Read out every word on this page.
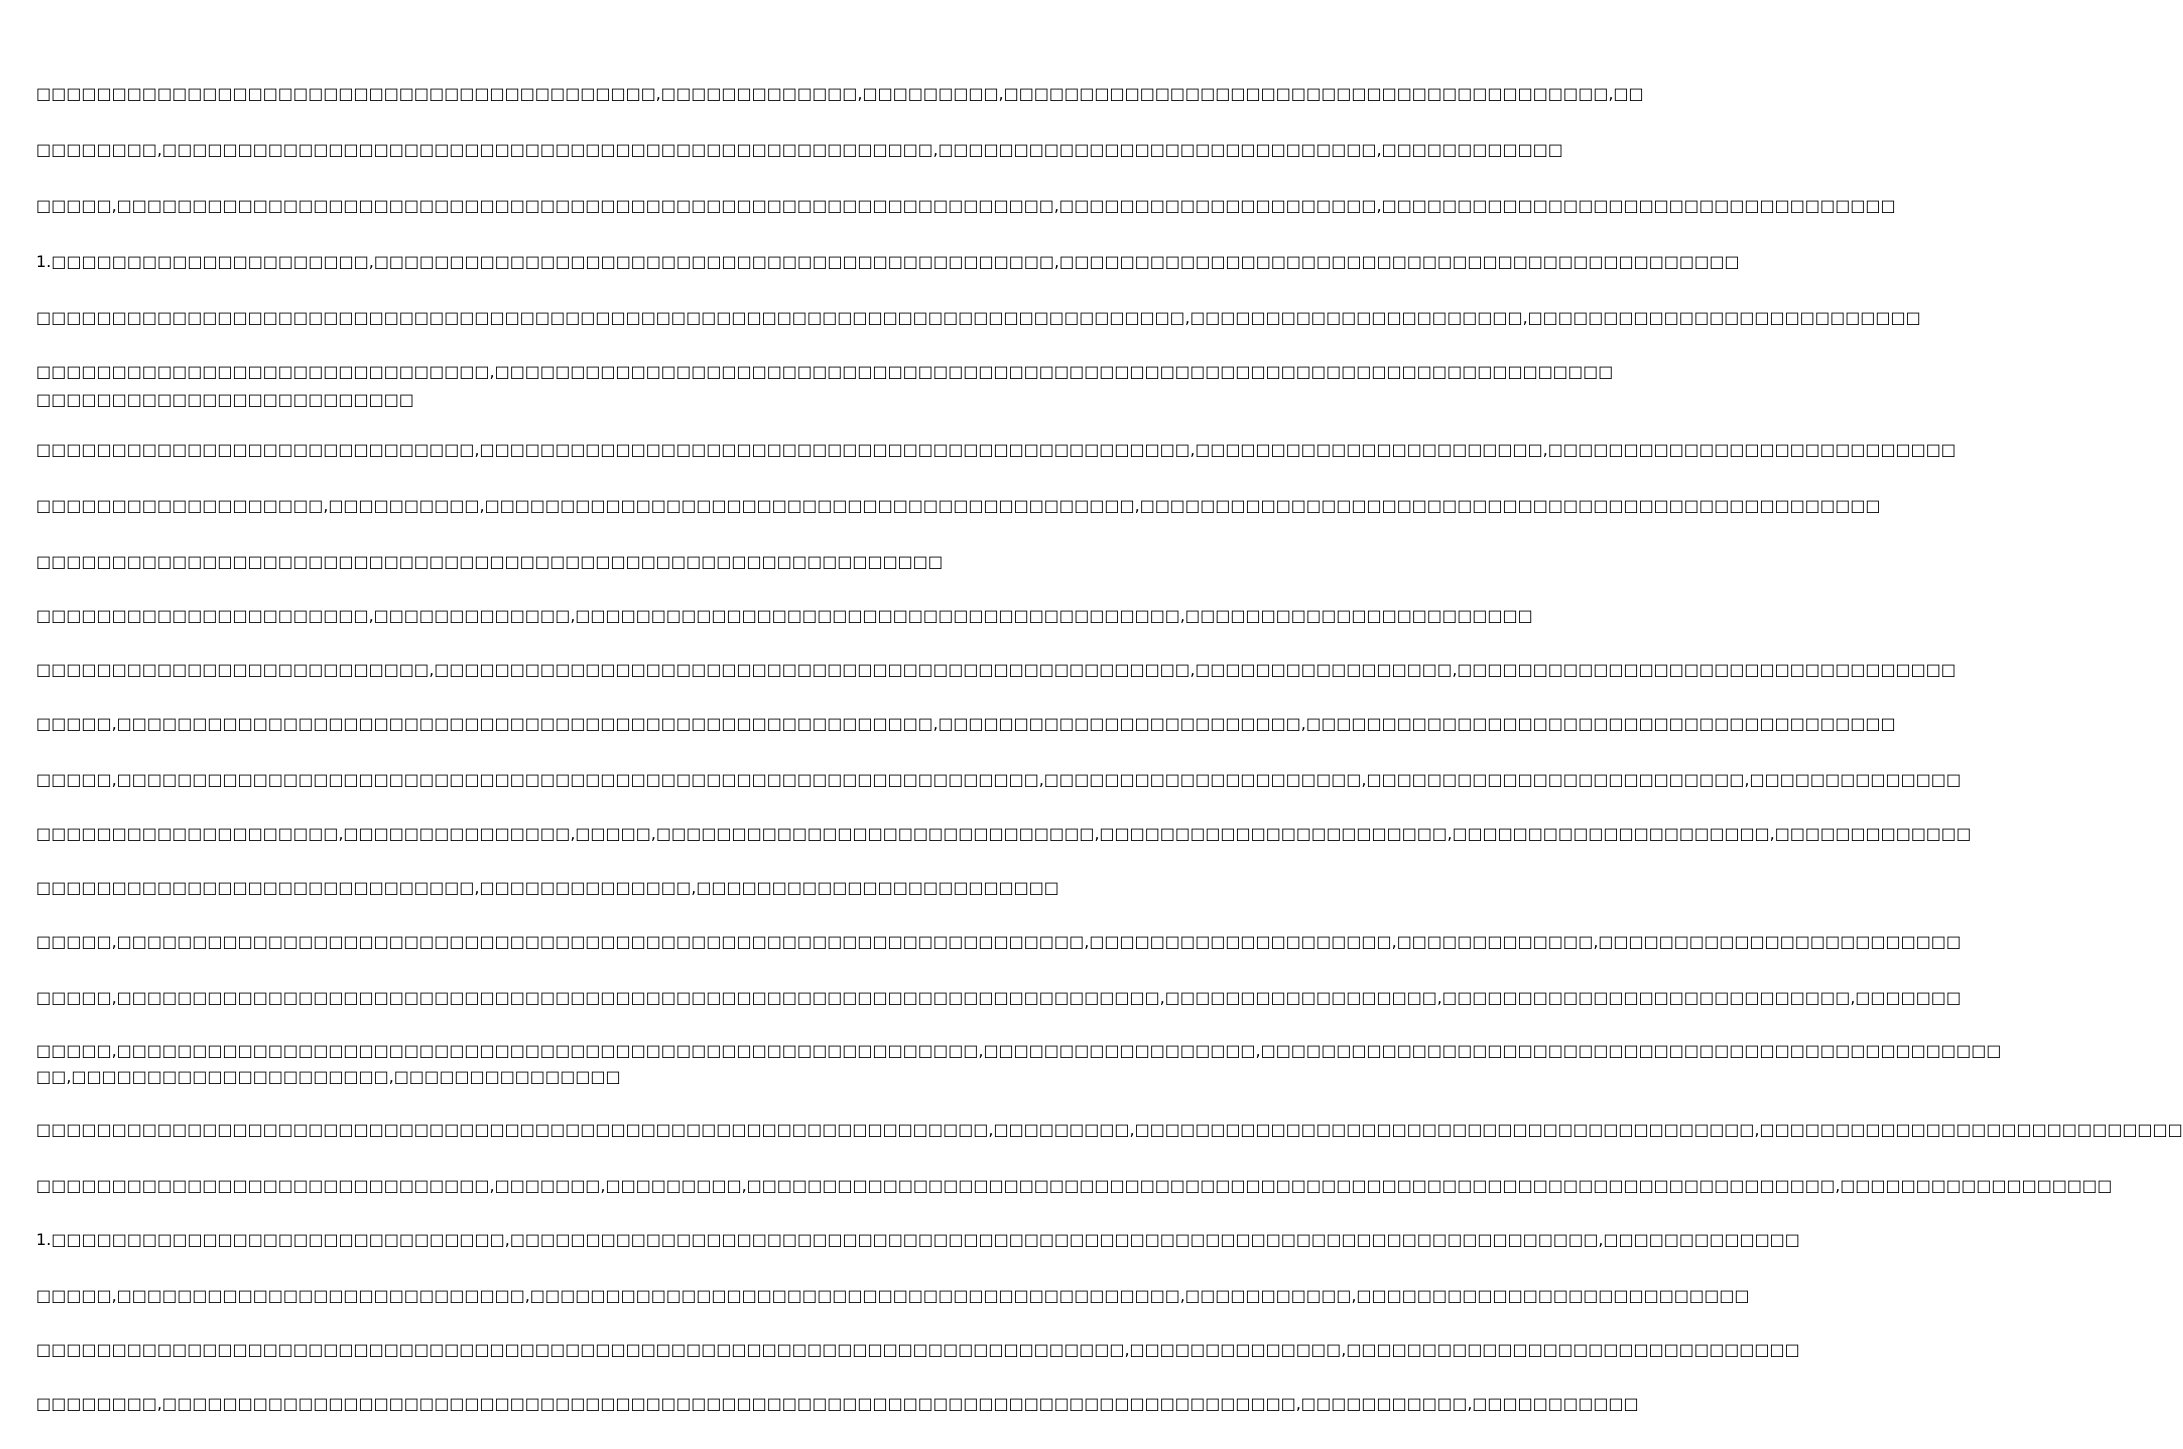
□□□□□□□□□□□□□□□□□□□□□□□□□□□□□□□□□□□□□□□□□,□□□□□□□□□□□□□,□□□□□□□□□,□□□□□□□□□□□□□□□□□□□□□□□□□□□□□□□□□□□□□□□□,□□

□□□□□□□□,□□□□□□□□□□□□□□□□□□□□□□□□□□□□□□□□□□□□□□□□□□□□□□□□□□□,□□□□□□□□□□□□□□□□□□□□□□□□□□□□□,□□□□□□□□□□□□

□□□□□,□□□□□□□□□□□□□□□□□□□□□□□□□□□□□□□□□□□□□□□□□□□□□□□□□□□□□□□□□□□□□□,□□□□□□□□□□□□□□□□□□□□□,□□□□□□□□□□□□□□□□□□□□□□□□□□□□□□□□□□

1.□□□□□□□□□□□□□□□□□□□□□,□□□□□□□□□□□□□□□□□□□□□□□□□□□□□□□□□□□□□□□□□□□□□,□□□□□□□□□□□□□□□□□□□□□□□□□□□□□□□□□□□□□□□□□□□□□

□□□□□□□□□□□□□□□□□□□□□□□□□□□□□□□□□□□□□□□□□□□□□□□□□□□□□□□□□□□□□□□□□□□□□□□□□□□□,□□□□□□□□□□□□□□□□□□□□□□,□□□□□□□□□□□□□□□□□□□□□□□□□□

□□□□□□□□□□□□□□□□□□□□□□□□□□□□□□,□□□□□□□□□□□□□□□□□□□□□□□□□□□□□□□□□□□□□□□□□□□□□□□□□□□□□□□□□□□□□□□□□□□□□□□□□□
□□□□□□□□□□□□□□□□□□□□□□□□□

□□□□□□□□□□□□□□□□□□□□□□□□□□□□□,□□□□□□□□□□□□□□□□□□□□□□□□□□□□□□□□□□□□□□□□□□□□□□□,□□□□□□□□□□□□□□□□□□□□□□□,□□□□□□□□□□□□□□□□□□□□□□□□□□□

□□□□□□□□□□□□□□□□□□□,□□□□□□□□□□,□□□□□□□□□□□□□□□□□□□□□□□□□□□□□□□□□□□□□□□□□□□,□□□□□□□□□□□□□□□□□□□□□□□□□□□□□□□□□□□□□□□□□□□□□□□□□

□□□□□□□□□□□□□□□□□□□□□□□□□□□□□□□□□□□□□□□□□□□□□□□□□□□□□□□□□□□□

□□□□□□□□□□□□□□□□□□□□□□,□□□□□□□□□□□□□,□□□□□□□□□□□□□□□□□□□□□□□□□□□□□□□□□□□□□□□□,□□□□□□□□□□□□□□□□□□□□□□□

□□□□□□□□□□□□□□□□□□□□□□□□□□,□□□□□□□□□□□□□□□□□□□□□□□□□□□□□□□□□□□□□□□□□□□□□□□□□□,□□□□□□□□□□□□□□□□□,□□□□□□□□□□□□□□□□□□□□□□□□□□□□□□□□□

□□□□□,□□□□□□□□□□□□□□□□□□□□□□□□□□□□□□□□□□□□□□□□□□□□□□□□□□□□□□,□□□□□□□□□□□□□□□□□□□□□□□□,□□□□□□□□□□□□□□□□□□□□□□□□□□□□□□□□□□□□□□□

□□□□□,□□□□□□□□□□□□□□□□□□□□□□□□□□□□□□□□□□□□□□□□□□□□□□□□□□□□□□□□□□□□□,□□□□□□□□□□□□□□□□□□□□□,□□□□□□□□□□□□□□□□□□□□□□□□□,□□□□□□□□□□□□□□

□□□□□□□□□□□□□□□□□□□□,□□□□□□□□□□□□□□□,□□□□□,□□□□□□□□□□□□□□□□□□□□□□□□□□□□□,□□□□□□□□□□□□□□□□□□□□□□□,□□□□□□□□□□□□□□□□□□□□□,□□□□□□□□□□□□□

□□□□□□□□□□□□□□□□□□□□□□□□□□□□□,□□□□□□□□□□□□□□,□□□□□□□□□□□□□□□□□□□□□□□□

□□□□□,□□□□□□□□□□□□□□□□□□□□□□□□□□□□□□□□□□□□□□□□□□□□□□□□□□□□□□□□□□□□□□□□,□□□□□□□□□□□□□□□□□□□□,□□□□□□□□□□□□□,□□□□□□□□□□□□□□□□□□□□□□□□

□□□□□,□□□□□□□□□□□□□□□□□□□□□□□□□□□□□□□□□□□□□□□□□□□□□□□□□□□□□□□□□□□□□□□□□□□□□,□□□□□□□□□□□□□□□□□□,□□□□□□□□□□□□□□□□□□□□□□□□□□□,□□□□□□□

□□□□□,□□□□□□□□□□□□□□□□□□□□□□□□□□□□□□□□□□□□□□□□□□□□□□□□□□□□□□□□□,□□□□□□□□□□□□□□□□□□,□□□□□□□□□□□□□□□□□□□□□□□□□□□□□□□□□□□□□□□□□□□□□□□□□
□□,□□□□□□□□□□□□□□□□□□□□□,□□□□□□□□□□□□□□□

□□□□□□□□□□□□□□□□□□□□□□□□□□□□□□□□□□□□□□□□□□□□□□□□□□□□□□□□□□□□□□□,□□□□□□□□□,□□□□□□□□□□□□□□□□□□□□□□□□□□□□□□□□□□□□□□□□□,□□□□□□□□□□□□□□□□□□□□□□□□□□□□

□□□□□□□□□□□□□□□□□□□□□□□□□□□□□□,□□□□□□□,□□□□□□□□□,□□□□□□□□□□□□□□□□□□□□□□□□□□□□□□□□□□□□□□□□□□□□□□□□□□□□□□□□□□□□□□□□□□□□□□□□,□□□□□□□□□□□□□□□□□□

1.□□□□□□□□□□□□□□□□□□□□□□□□□□□□□□,□□□□□□□□□□□□□□□□□□□□□□□□□□□□□□□□□□□□□□□□□□□□□□□□□□□□□□□□□□□□□□□□□□□□□□□□,□□□□□□□□□□□□□

□□□□□,□□□□□□□□□□□□□□□□□□□□□□□□□□□,□□□□□□□□□□□□□□□□□□□□□□□□□□□□□□□□□□□□□□□□□□□,□□□□□□□□□□□,□□□□□□□□□□□□□□□□□□□□□□□□□□

□□□□□□□□□□□□□□□□□□□□□□□□□□□□□□□□□□□□□□□□□□□□□□□□□□□□□□□□□□□□□□□□□□□□□□□□,□□□□□□□□□□□□□□,□□□□□□□□□□□□□□□□□□□□□□□□□□□□□□

□□□□□□□□,□□□□□□□□□□□□□□□□□□□□□□□□□□□□□□□□□□□□□□□□□□□□□□□□□□□□□□□□□□□□□□□□□□□□□□□□□□□,□□□□□□□□□□□,□□□□□□□□□□□
